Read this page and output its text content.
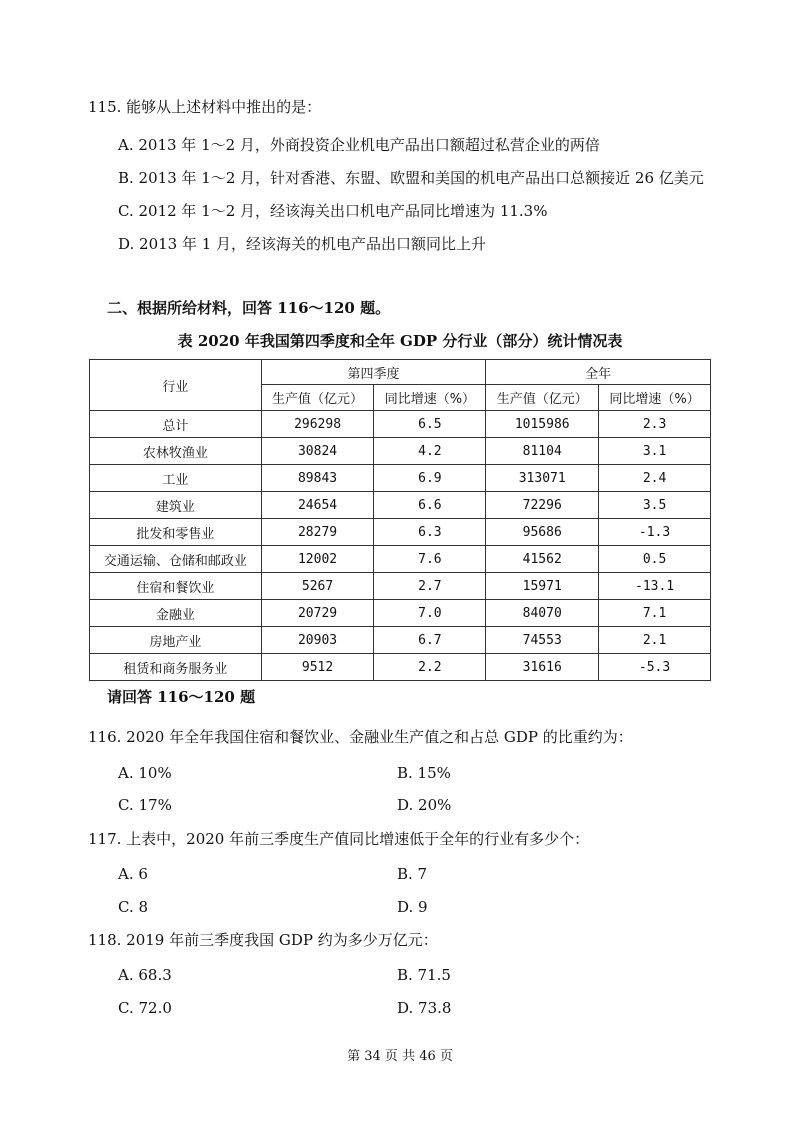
115. 能够从上述材料中推出的是：
A. 2013 年 1～2 月，外商投资企业机电产品出口额超过私营企业的两倍
B. 2013 年 1～2 月，针对香港、东盟、欧盟和美国的机电产品出口总额接近 26 亿美元
C. 2012 年 1～2 月，经该海关出口机电产品同比增速为 11.3%
D. 2013 年 1 月，经该海关的机电产品出口额同比上升
二、根据所给材料，回答 116～120 题。
表 2020 年我国第四季度和全年 GDP 分行业（部分）统计情况表
行业	第四季度		全年	
	生产值（亿元）	同比增速（%）	生产值（亿元）	同比增速（%）
总计	296298	6.5	1015986	2.3
农林牧渔业	30824	4.2	81104	3.1
工业	89843	6.9	313071	2.4
建筑业	24654	6.6	72296	3.5
批发和零售业	28279	6.3	95686	-1.3
交通运输、仓储和邮政业	12002	7.6	41562	0.5
住宿和餐饮业	5267	2.7	15971	-13.1
金融业	20729	7.0	84070	7.1
房地产业	20903	6.7	74553	2.1
租赁和商务服务业	9512	2.2	31616	-5.3
请回答 116～120 题
116. 2020 年全年我国住宿和餐饮业、金融业生产值之和占总 GDP 的比重约为：
A. 10%	B. 15%
C. 17%	D. 20%
117. 上表中，2020 年前三季度生产值同比增速低于全年的行业有多少个：
A. 6	B. 7
C. 8	D. 9
118. 2019 年前三季度我国 GDP 约为多少万亿元：
A. 68.3	B. 71.5
C. 72.0	D. 73.8
第 34 页 共 46 页
